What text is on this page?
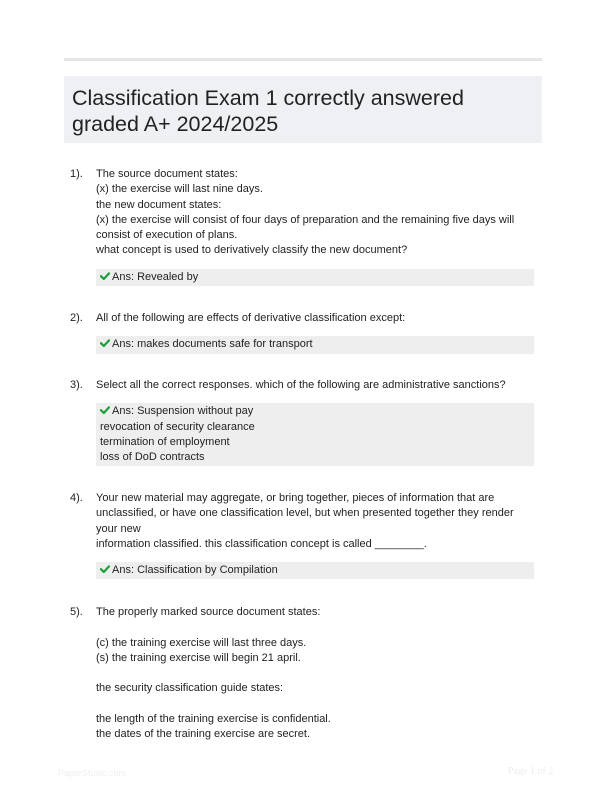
Classification Exam 1 correctly answered graded A+ 2024/2025
1). The source document states:
(x) the exercise will last nine days.
the new document states:
(x) the exercise will consist of four days of preparation and the remaining five days will consist of execution of plans.
what concept is used to derivatively classify the new document?
Ans: Revealed by
2). All of the following are effects of derivative classification except:
Ans: makes documents safe for transport
3). Select all the correct responses. which of the following are administrative sanctions?
Ans: Suspension without pay
revocation of security clearance
termination of employment
loss of DoD contracts
4). Your new material may aggregate, or bring together, pieces of information that are unclassified, or have one classification level, but when presented together they render your new
information classified. this classification concept is called ________.
Ans: Classification by Compilation
5). The properly marked source document states:

(c) the training exercise will last three days.
(s) the training exercise will begin 21 april.

the security classification guide states:

the length of the training exercise is confidential.
the dates of the training exercise are secret.
PaperStuvic.com	Page 1 of 2
